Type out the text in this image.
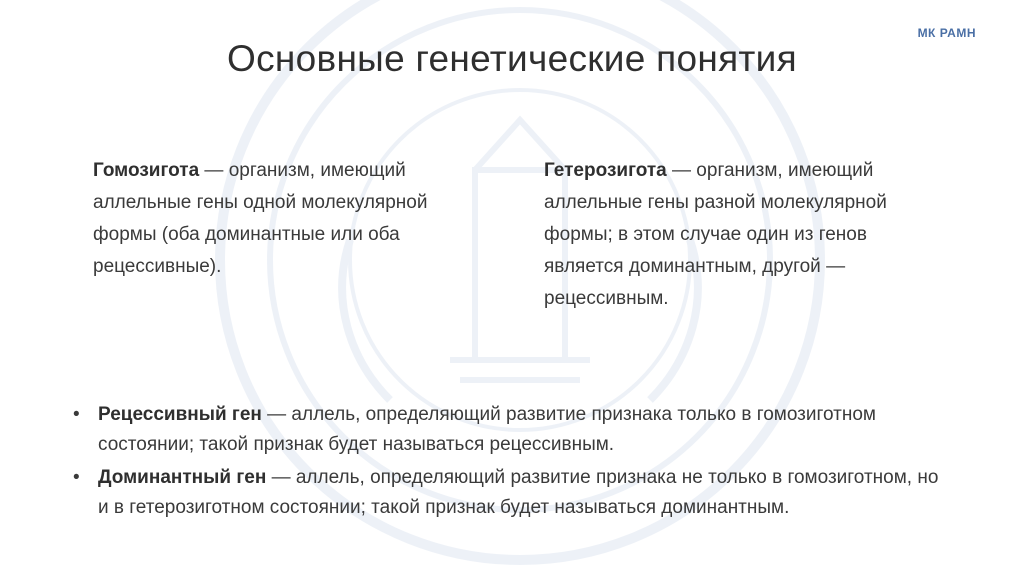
МК РАМН
Основные генетические понятия
Гомозигота — организм, имеющий аллельные гены одной молекулярной формы (оба доминантные или оба рецессивные).
Гетерозигота — организм, имеющий аллельные гены разной молекулярной формы; в этом случае один из генов является доминантным, другой — рецессивным.
• Рецессивный ген — аллель, определяющий развитие признака только в гомозиготном состоянии; такой признак будет называться рецессивным.
• Доминантный ген — аллель, определяющий развитие признака не только в гомозиготном, но и в гетерозиготном состоянии; такой признак будет называться доминантным.
